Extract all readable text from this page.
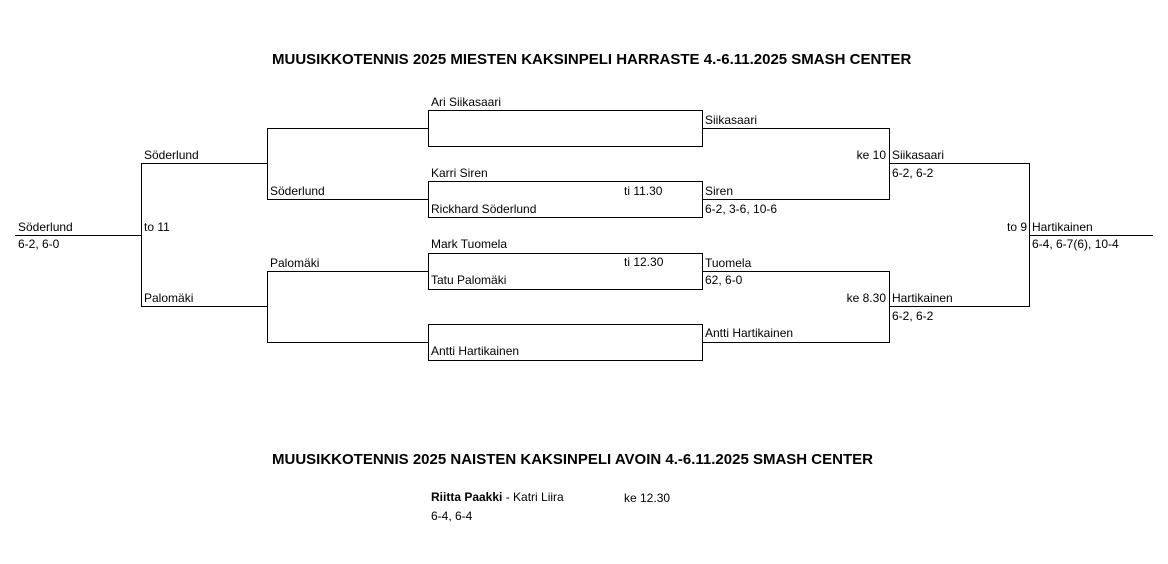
MUUSIKKOTENNIS 2025 MIESTEN KAKSINPELI HARRASTE 4.-6.11.2025 SMASH CENTER
MUUSIKKOTENNIS 2025 NAISTEN KAKSINPELI AVOIN 4.-6.11.2025 SMASH CENTER
Ari Siikasaari
Karri Siren
ti 11.30
Rickhard Söderlund
Mark Tuomela
ti 12.30
Tatu Palomäki
Antti Hartikainen
Siikasaari
Siren
6-2, 3-6, 10-6
Tuomela
62, 6-0
Antti Hartikainen
ke 10 Siikasaari
6-2, 6-2
ke 8.30 Hartikainen
6-2, 6-2
to 9 Hartikainen
6-4, 6-7(6), 10-4
Söderlund
Palomäki
Söderlund
to 11
Palomäki
Söderlund
6-2, 6-0
Riitta Paakki - Katri Liira	ke 12.30
6-4, 6-4
